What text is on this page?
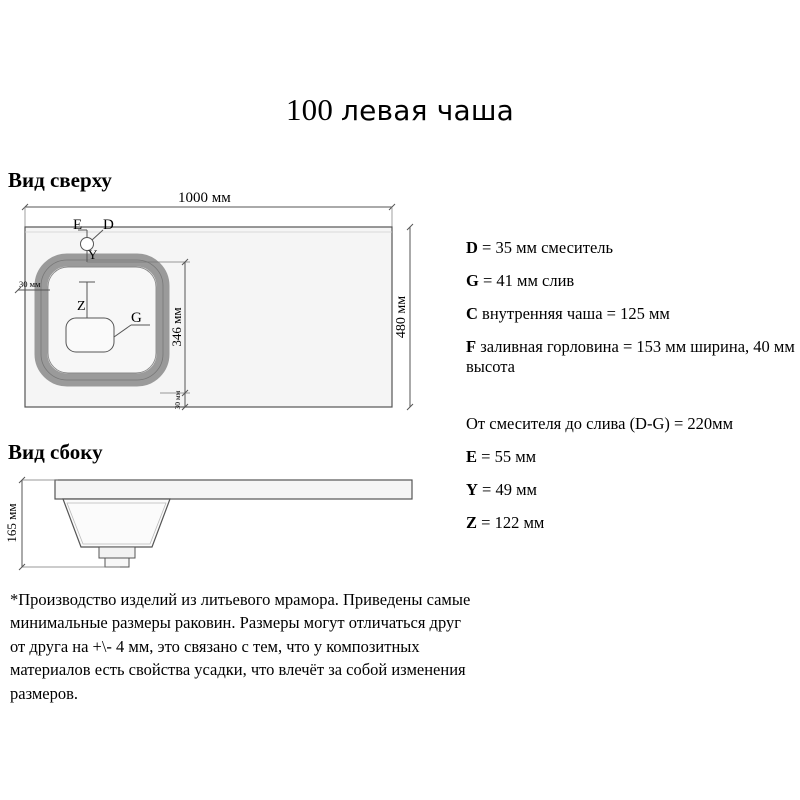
100 левая чаша
Вид сверху
Вид сбоку
1000 мм
E D
Y
Z
G
30 мм
346 мм
30 мм
480 мм
165 мм
D = 35 мм смеситель
G = 41 мм слив
C внутренняя чаша = 125 мм
F заливная горловина = 153 мм ширина, 40 мм высота
От смесителя до слива (D-G) = 220мм
E = 55 мм
Y = 49 мм
Z = 122 мм
*Производство изделий из литьевого мрамора. Приведены самые минимальные размеры раковин. Размеры могут отличаться друг от друга на +\- 4 мм, это связано с тем, что у композитных материалов есть свойства усадки, что влечёт за собой изменения размеров.
